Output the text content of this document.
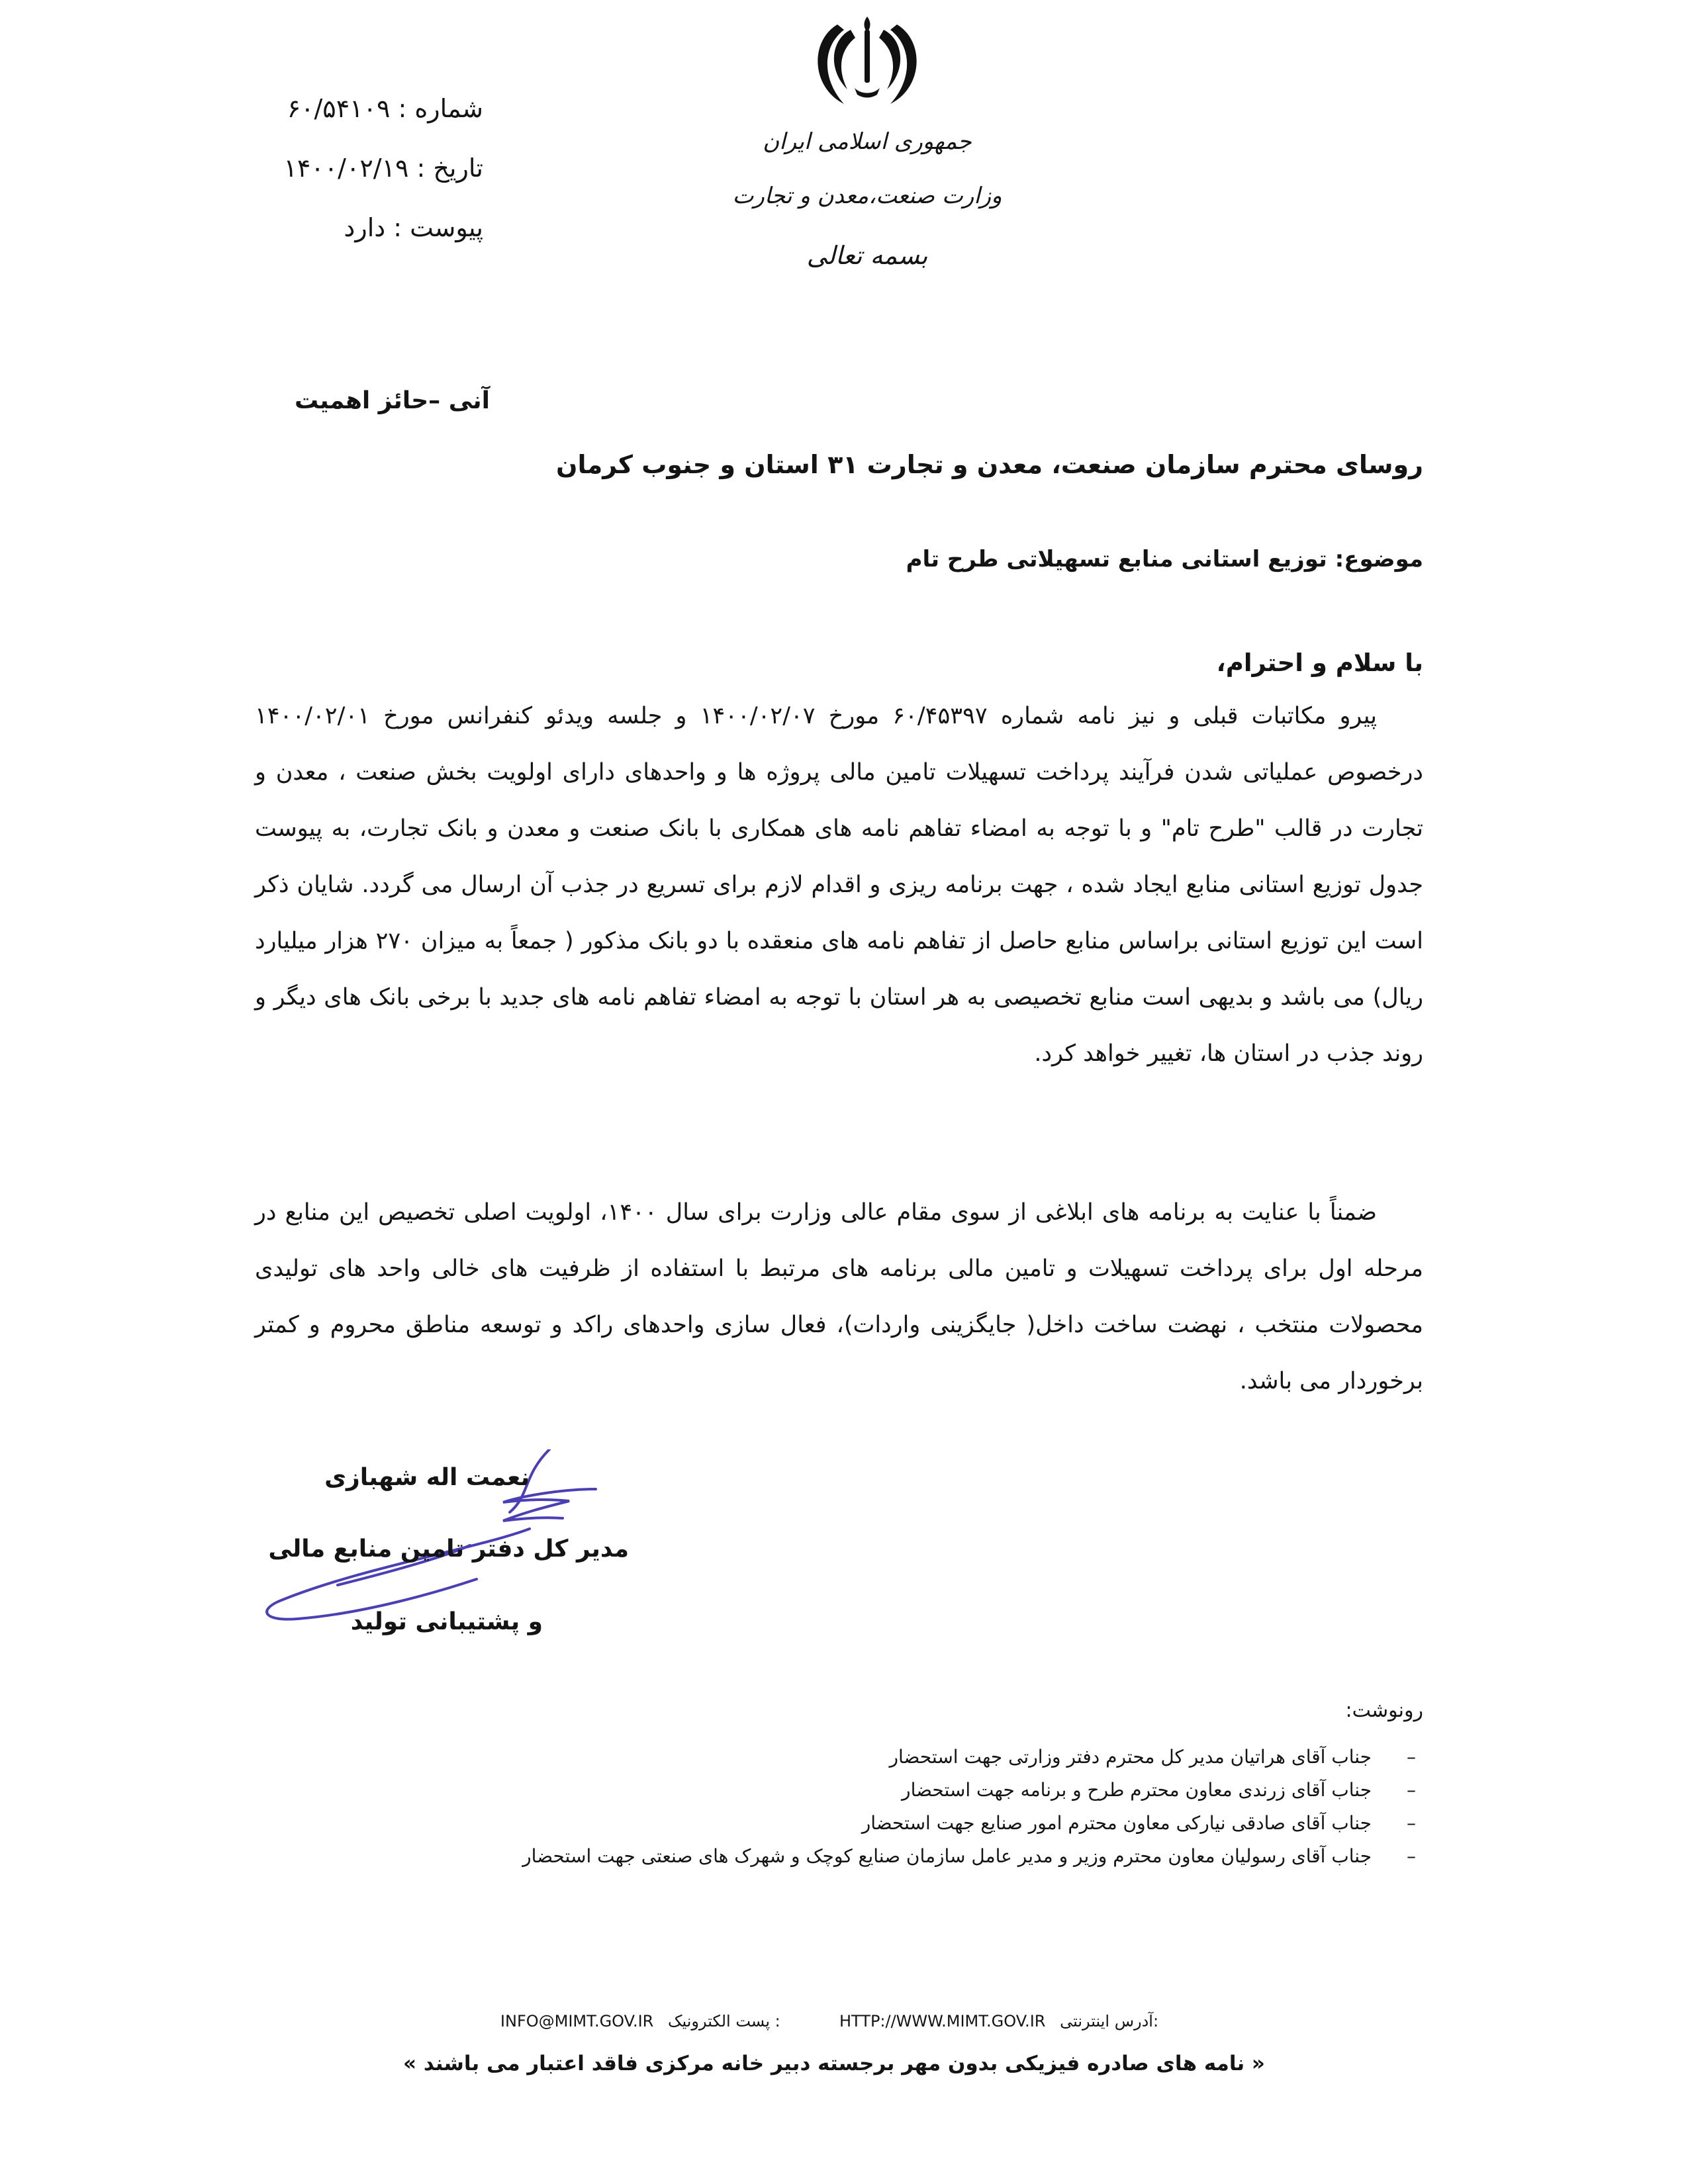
شماره : ۶۰/۵۴۱۰۹
تاریخ : ۱۴۰۰/۰۲/۱۹
پیوست : دارد
جمهوری اسلامی ایران
وزارت صنعت،معدن و تجارت
بسمه تعالی
آنی –حائز اهمیت
روسای محترم سازمان صنعت، معدن و تجارت ۳۱ استان و جنوب کرمان
موضوع: توزیع استانی منابع تسهیلاتی طرح تام
با سلام و احترام،
پیرو مکاتبات قبلی و نیز نامه شماره ۶۰/۴۵۳۹۷ مورخ ۱۴۰۰/۰۲/۰۷ و جلسه ویدئو کنفرانس مورخ ۱۴۰۰/۰۲/۰۱ درخصوص عملیاتی شدن فرآیند پرداخت تسهیلات تامین مالی پروژه ها و واحدهای دارای اولویت بخش صنعت ، معدن و تجارت در قالب "طرح تام" و با توجه به امضاء تفاهم نامه های همکاری با بانک صنعت و معدن و بانک تجارت، به پیوست جدول توزیع استانی منابع ایجاد شده ، جهت برنامه ریزی و اقدام لازم برای تسریع در جذب آن ارسال می گردد. شایان ذکر است این توزیع استانی براساس منابع حاصل از تفاهم نامه های منعقده با دو بانک مذکور ( جمعاً به میزان ۲۷۰ هزار میلیارد ریال) می باشد و بدیهی است منابع تخصیصی به هر استان با توجه به امضاء تفاهم نامه های جدید با برخی بانک های دیگر و روند جذب در استان ها، تغییر خواهد کرد.
ضمناً با عنایت به برنامه های ابلاغی از سوی مقام عالی وزارت برای سال ۱۴۰۰، اولویت اصلی تخصیص این منابع در مرحله اول برای پرداخت تسهیلات و تامین مالی برنامه های مرتبط با استفاده از ظرفیت های خالی واحد های تولیدی محصولات منتخب ، نهضت ساخت داخل( جایگزینی واردات)، فعال سازی واحدهای راکد و توسعه مناطق محروم و کمتر برخوردار می باشد.
نعمت اله شهبازی
مدیر کل دفتر تامین منابع مالی
و پشتیبانی تولید
رونوشت:
–
جناب آقای هراتیان مدیر کل محترم دفتر وزارتی جهت استحضار
–
جناب آقای زرندی معاون محترم طرح و برنامه جهت استحضار
–
جناب آقای صادقی نیارکی معاون محترم امور صنایع جهت استحضار
–
جناب آقای رسولیان معاون محترم وزیر و مدیر عامل سازمان صنایع کوچک و شهرک های صنعتی جهت استحضار
INFO@MIMT.GOV.IR پست الکترونیک :	HTTP://WWW.MIMT.GOV.IR آدرس اینترنتی:
« نامه های صادره فیزیکی بدون مهر برجسته دبیر خانه مرکزی فاقد اعتبار می باشند »
